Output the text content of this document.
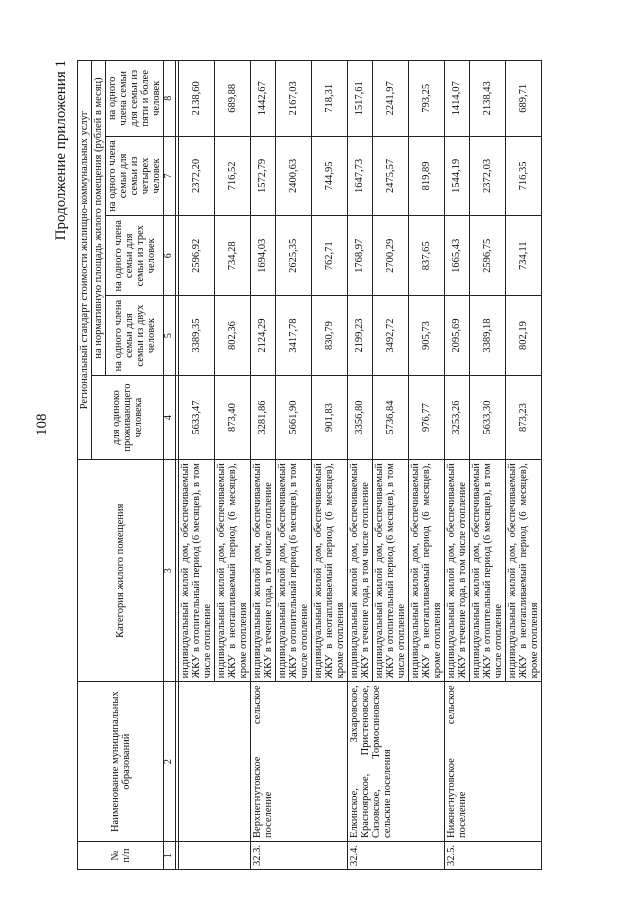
108
Продолжение приложения 1
№ п/п	Наименование муниципальных образований	Категория жилого помещения	Региональный стандарт стоимости жилищно-коммунальных услуг				
			для одиноко проживающего человека	на нормативную площадь жилого помещения (рублей в месяц)			
				на одного члена семьи для семьи из двух человек	на одного члена семьи для семьи из трех человек	на одного члена семьи для семьи из четырех человек	на одного члена семьи для семьи из пяти и более человек
1	2	3	4	5	6	7	8

		индивидуальный жилой дом, обеспечиваемый ЖКУ в отопительный период (6 месяцев), в том числе отопление	5633,47	3389,35	2596,92	2372,20	2138,60
		индивидуальный жилой дом, обеспечиваемый ЖКУ в неотапливаемый период (6 месяцев), кроме отопления	873,40	802,36	734,28	716,52	689,88
32.3.	Верхнегнутовское сельское поселение	индивидуальный жилой дом, обеспечиваемый ЖКУ в течение года, в том числе отопление	3281,86	2124,29	1694,03	1572,79	1442,67
		индивидуальный жилой дом, обеспечиваемый ЖКУ в отопительный период (6 месяцев), в том числе отопление	5661,90	3417,78	2625,35	2400,63	2167,03
		индивидуальный жилой дом, обеспечиваемый ЖКУ в неотапливаемый период (6 месяцев), кроме отопления	901,83	830,79	762,71	744,95	718,31
32.4.	Елкинское, Захаровское, Красноярское, Пристеновское, Сизовское, Тормосиновское сельские поселения	индивидуальный жилой дом, обеспечиваемый ЖКУ в течение года, в том числе отопление	3356,80	2199,23	1768,97	1647,73	1517,61
		индивидуальный жилой дом, обеспечиваемый ЖКУ в отопительный период (6 месяцев), в том числе отопление	5736,84	3492,72	2700,29	2475,57	2241,97
		индивидуальный жилой дом, обеспечиваемый ЖКУ в неотапливаемый период (6 месяцев), кроме отопления	976,77	905,73	837,65	819,89	793,25
32.5.	Нижнегнутовское сельское поселение	индивидуальный жилой дом, обеспечиваемый ЖКУ в течение года, в том числе отопление	3253,26	2095,69	1665,43	1544,19	1414,07
		индивидуальный жилой дом, обеспечиваемый ЖКУ в отопительный период (6 месяцев), в том числе отопление	5633,30	3389,18	2596,75	2372,03	2138,43
		индивидуальный жилой дом, обеспечиваемый ЖКУ в неотапливаемый период (6 месяцев), кроме отопления	873,23	802,19	734,11	716,35	689,71
